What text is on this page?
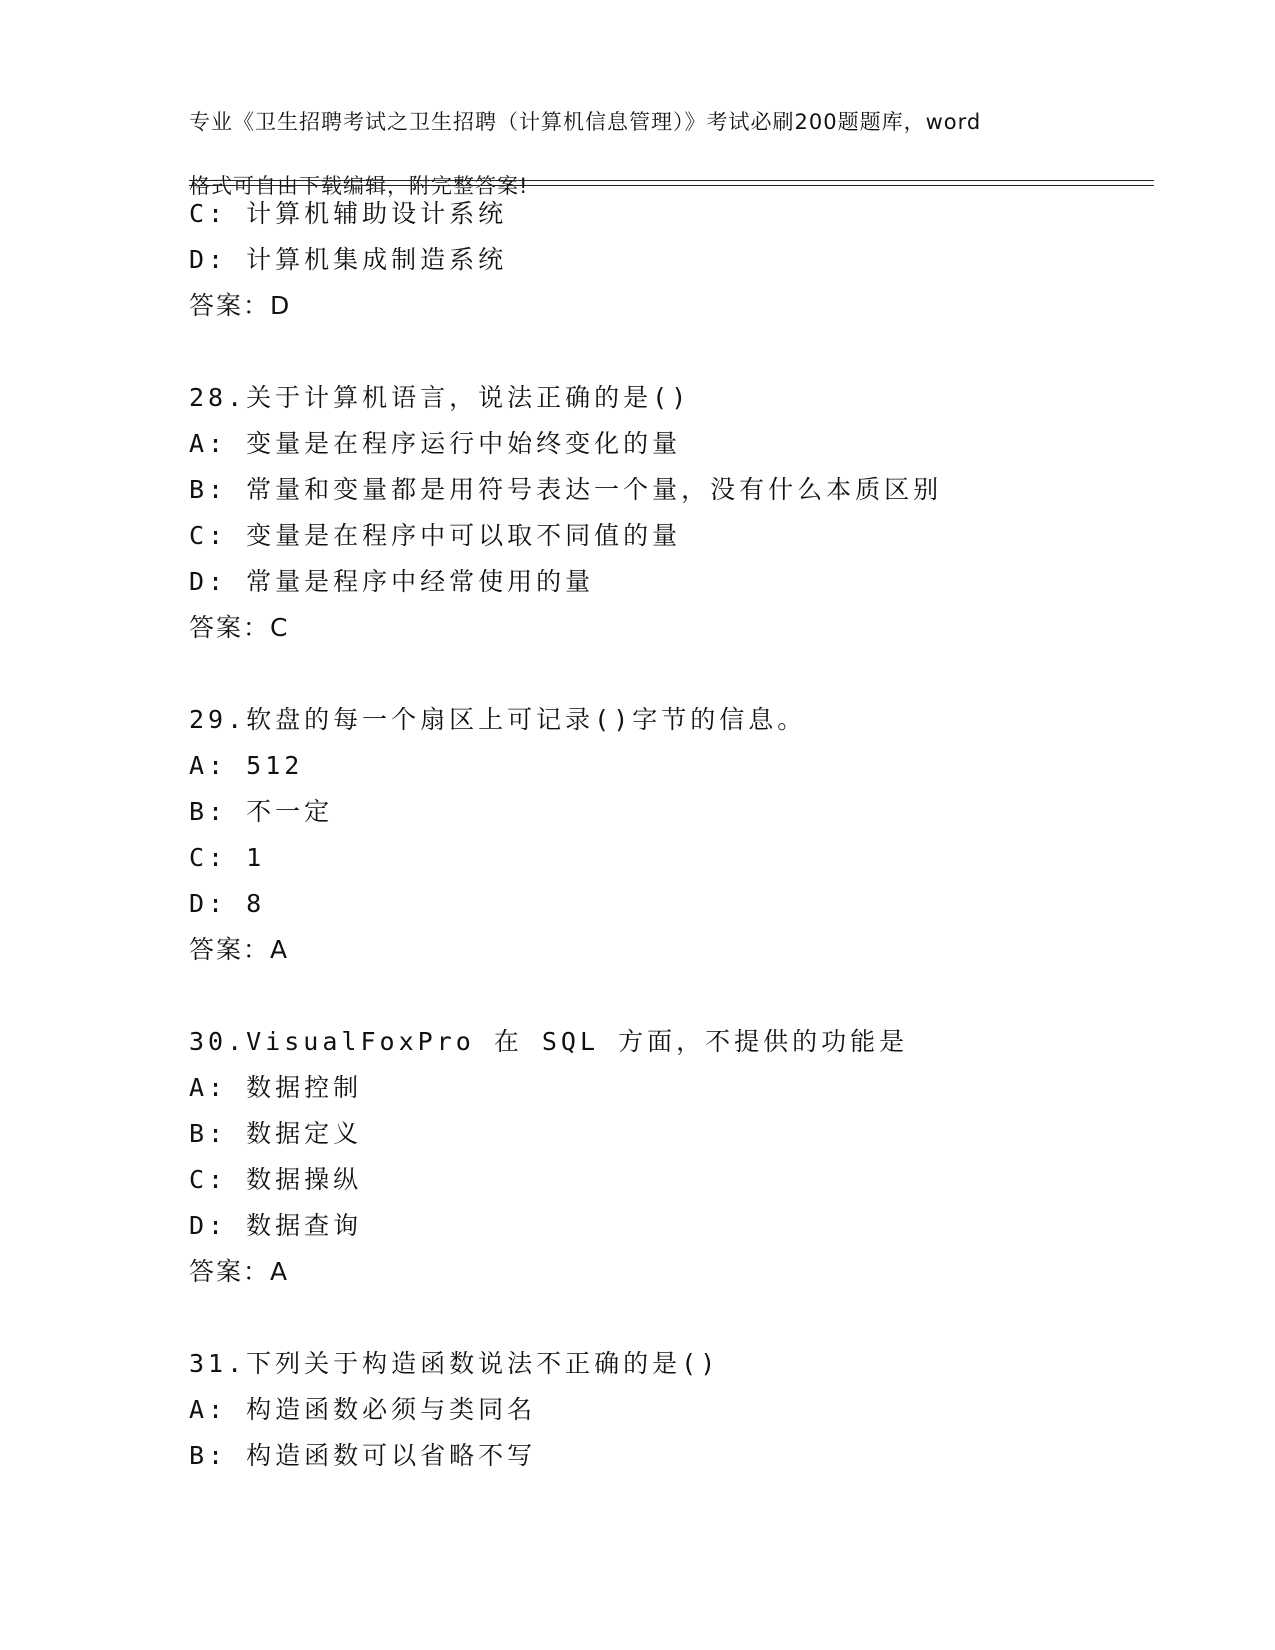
专业《卫生招聘考试之卫生招聘（计算机信息管理）》考试必刷200题题库，word

格式可自由下载编辑，附完整答案!

C: 计算机辅助设计系统
D: 计算机集成制造系统
答案：D
28.关于计算机语言，说法正确的是()
A: 变量是在程序运行中始终变化的量
B: 常量和变量都是用符号表达一个量，没有什么本质区别
C: 变量是在程序中可以取不同值的量
D: 常量是程序中经常使用的量
答案：C
29.软盘的每一个扇区上可记录()字节的信息。
A: 512
B: 不一定
C: 1
D: 8
答案：A
30.VisualFoxPro 在 SQL 方面，不提供的功能是
A: 数据控制
B: 数据定义
C: 数据操纵
D: 数据查询
答案：A
31.下列关于构造函数说法不正确的是()
A: 构造函数必须与类同名
B: 构造函数可以省略不写
